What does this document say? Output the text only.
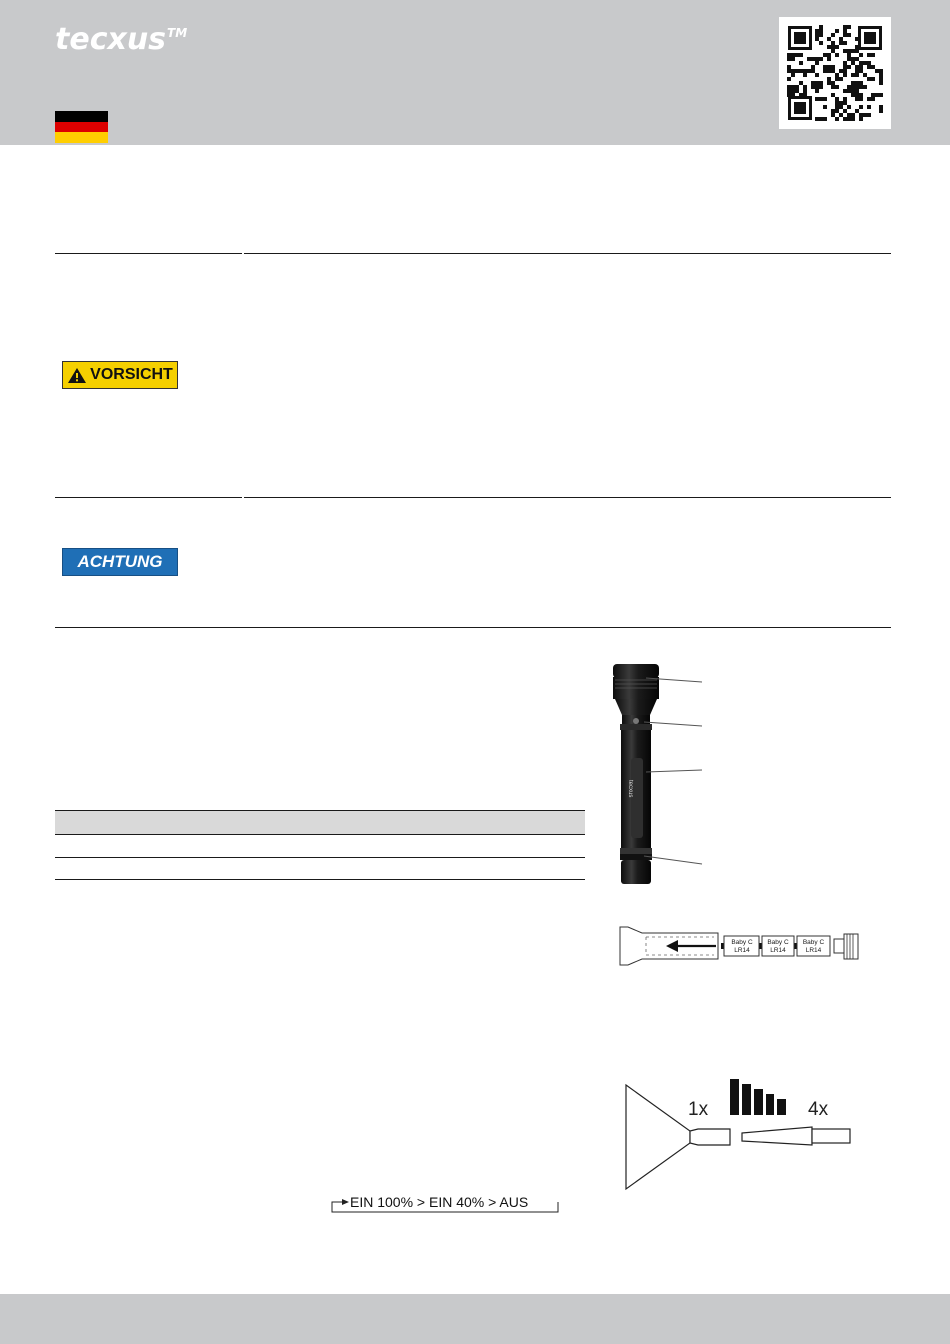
tecxus™
VORSICHT
ACHTUNG
tecxus
Baby C
LR14
Baby C
LR14
Baby C
LR14
1x	4x
EIN 100% > EIN 40% > AUS
